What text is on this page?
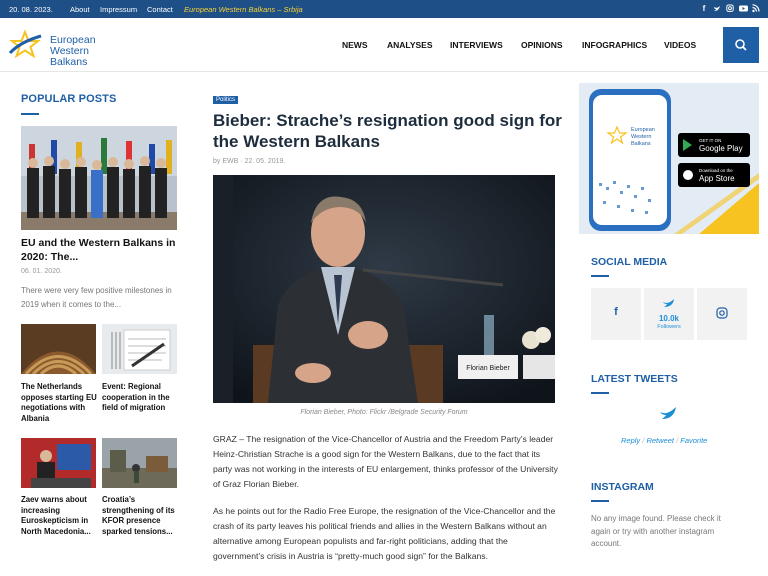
20. 08. 2023. About Impressum Contact European Western Balkans – Srbija	f
European
Western
Balkans
NEWS ANALYSES INTERVIEWS OPINIONS INFOGRAPHICS VIDEOS
POPULAR POSTS
EU and the Western Balkans in 2020: The...
06. 01. 2020.
There were very few positive milestones in 2019 when it comes to the...
The Netherlands opposes starting EU negotiations with Albania
Event: Regional cooperation in the field of migration
Zaev warns about increasing Euroskepticism in North Macedonia...
Croatia’s strengthening of its KFOR presence sparked tensions...
Politics
Bieber: Strache’s resignation good sign for the Western Balkans
by EWB · 22. 05. 2019.
Florian Bieber
Florian Bieber, Photo: Flickr /Belgrade Security Forum

GRAZ – The resignation of the Vice-Chancellor of Austria and the Freedom Party’s leader Heinz-Christian Strache is a good sign for the Western Balkans, due to the fact that its party was not working in the interests of EU enlargement, thinks professor of the University of Graz Florian Bieber.

As he points out for the Radio Free Europe, the resignation of the Vice-Chancellor and the crash of its party leaves his political friends and allies in the Western Balkans without an alternative among European populists and far-right politicians, adding that the government’s crisis in Austria is “pretty-much good sign” for the Balkans.

European
Western
Balkans
GET IT ON
Google Play
Download on the
App Store
SOCIAL MEDIA
f
10.0k
Followers
LATEST TWEETS
Reply / Retweet / Favorite
INSTAGRAM
No any image found. Please check it again or try with another instagram account.
